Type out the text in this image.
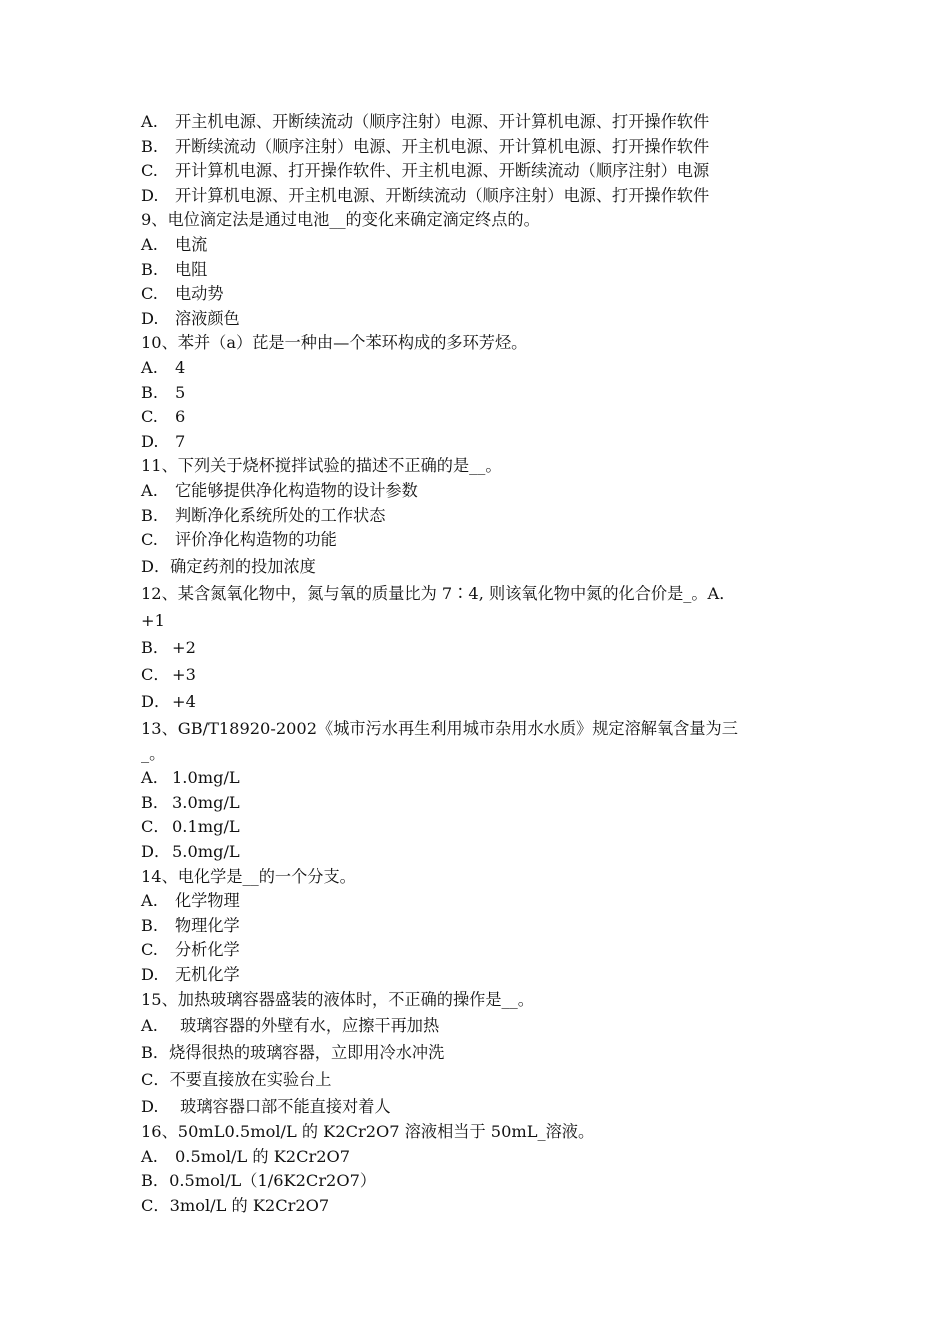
A. 开主机电源、开断续流动（顺序注射）电源、开计算机电源、打开操作软件
B. 开断续流动（顺序注射）电源、开主机电源、开计算机电源、打开操作软件
C. 开计算机电源、打开操作软件、开主机电源、开断续流动（顺序注射）电源
D. 开计算机电源、开主机电源、开断续流动（顺序注射）电源、打开操作软件
9、电位滴定法是通过电池__的变化来确定滴定终点的。
A. 电流
B. 电阻
C. 电动势
D. 溶液颜色
10、苯并（a）芘是一种由—个苯环构成的多环芳烃。
A. 4
B. 5
C. 6
D. 7
11、下列关于烧杯搅拌试验的描述不正确的是__。
A. 它能够提供净化构造物的设计参数
B. 判断净化系统所处的工作状态
C. 评价净化构造物的功能
D．确定药剂的投加浓度
12、某含氮氧化物中，氮与氧的质量比为 7∶4, 则该氧化物中氮的化合价是_。A．
+1
B． +2
C． +3
D． +4
13、GB/T18920-2002《城市污水再生利用城市杂用水水质》规定溶解氧含量为三
_。
A． 1.0mg/L
B． 3.0mg/L
C． 0.1mg/L
D． 5.0mg/L
14、电化学是__的一个分支。
A. 化学物理
B. 物理化学
C. 分析化学
D. 无机化学
15、加热玻璃容器盛装的液体时，不正确的操作是__。
A. 玻璃容器的外壁有水，应擦干再加热
B．烧得很热的玻璃容器，立即用冷水冲洗
C．不要直接放在实验台上
D. 玻璃容器口部不能直接对着人
16、50mL0.5mol/L 的 K2Cr2O7 溶液相当于 50mL_溶液。
A. 0.5mol/L 的 K2Cr2O7
B．0.5mol/L（1/6K2Cr2O7）
C．3mol/L 的 K2Cr2O7
